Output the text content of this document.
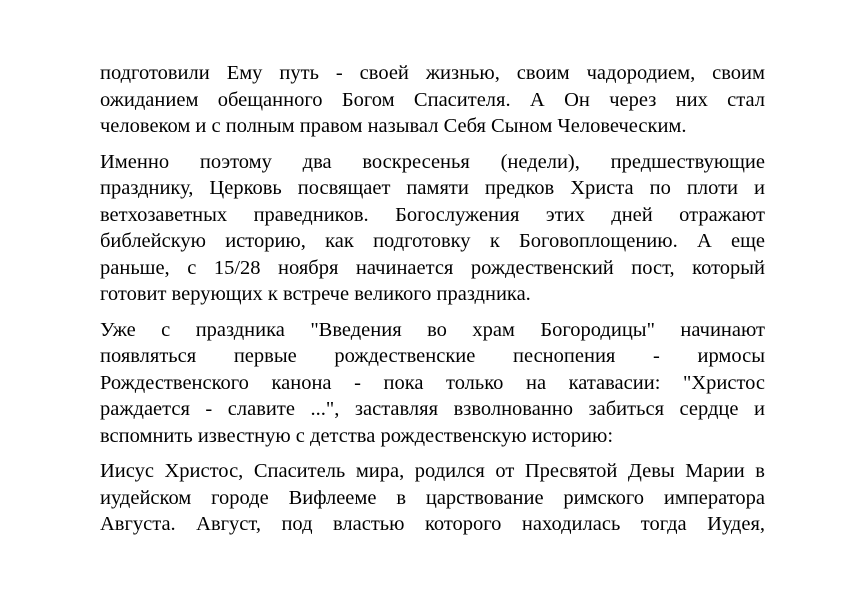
подготовили Ему путь - своей жизнью, своим чадородием, своим
ожиданием обещанного Богом Спасителя. А Он через них стал
человеком и с полным правом называл Себя Сыном Человеческим.

Именно поэтому два воскресенья (недели), предшествующие
празднику, Церковь посвящает памяти предков Христа по плоти и
ветхозаветных праведников. Богослужения этих дней отражают
библейскую историю, как подготовку к Боговоплощению. А еще
раньше, с 15/28 ноября начинается рождественский пост, который
готовит верующих к встрече великого праздника.

Уже с праздника "Введения во храм Богородицы" начинают
появляться первые рождественские песнопения - ирмосы
Рождественского канона - пока только на катавасии: "Христос
раждается - славите ...", заставляя взволнованно забиться сердце и
вспомнить известную с детства рождественскую историю:

Иисус Христос, Спаситель мира, родился от Пресвятой Девы Марии в
иудейском городе Вифлееме в царствование римского императора
Августа. Август, под властью которого находилась тогда Иудея,
